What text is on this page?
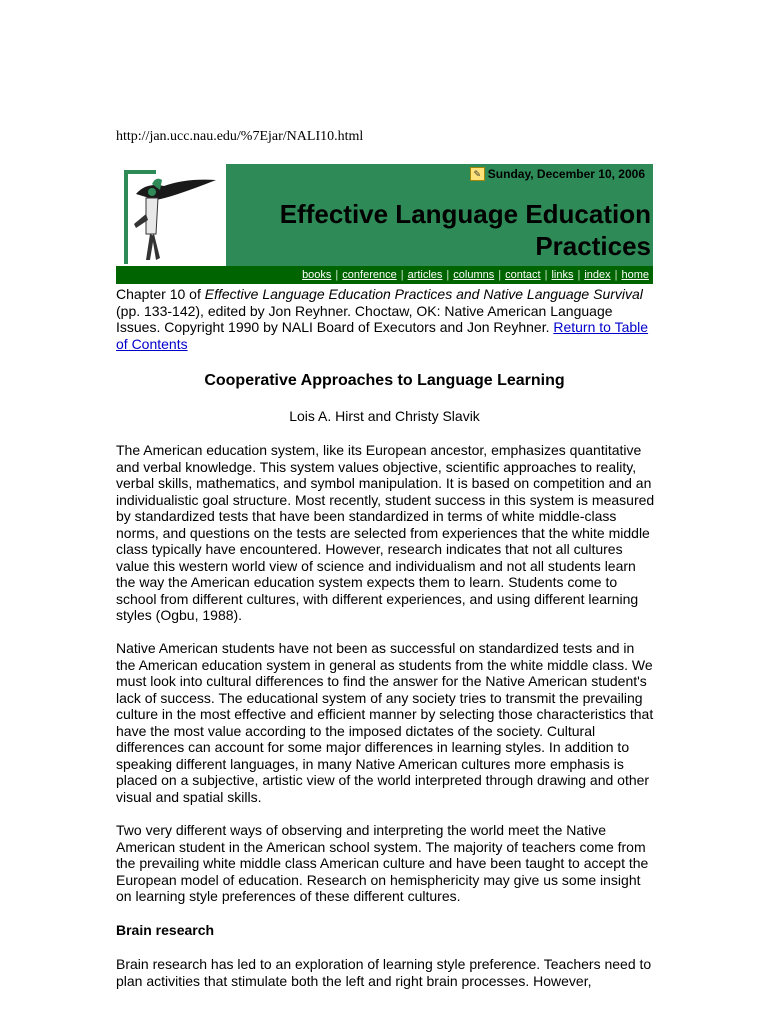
http://jan.ucc.nau.edu/%7Ejar/NALI10.html
✎ Sunday, December 10, 2006
Effective Language Education
Practices
books | conference | articles | columns | contact | links | index | home
Chapter 10 of Effective Language Education Practices and Native Language Survival (pp. 133-142), edited by Jon Reyhner. Choctaw, OK: Native American Language Issues. Copyright 1990 by NALI Board of Executors and Jon Reyhner. Return to Table of Contents
Cooperative Approaches to Language Learning
Lois A. Hirst and Christy Slavik

The American education system, like its European ancestor, emphasizes quantitative and verbal knowledge. This system values objective, scientific approaches to reality, verbal skills, mathematics, and symbol manipulation. It is based on competition and an individualistic goal structure. Most recently, student success in this system is measured by standardized tests that have been standardized in terms of white middle-class norms, and questions on the tests are selected from experiences that the white middle class typically have encountered. However, research indicates that not all cultures value this western world view of science and individualism and not all students learn the way the American education system expects them to learn. Students come to school from different cultures, with different experiences, and using different learning styles (Ogbu, 1988).

Native American students have not been as successful on standardized tests and in the American education system in general as students from the white middle class. We must look into cultural differences to find the answer for the Native American student's lack of success. The educational system of any society tries to transmit the prevailing culture in the most effective and efficient manner by selecting those characteristics that have the most value according to the imposed dictates of the society. Cultural differences can account for some major differences in learning styles. In addition to speaking different languages, in many Native American cultures more emphasis is placed on a subjective, artistic view of the world interpreted through drawing and other visual and spatial skills.

Two very different ways of observing and interpreting the world meet the Native American student in the American school system. The majority of teachers come from the prevailing white middle class American culture and have been taught to accept the European model of education. Research on hemisphericity may give us some insight on learning style preferences of these different cultures.

Brain research

Brain research has led to an exploration of learning style preference. Teachers need to plan activities that stimulate both the left and right brain processes. However,
